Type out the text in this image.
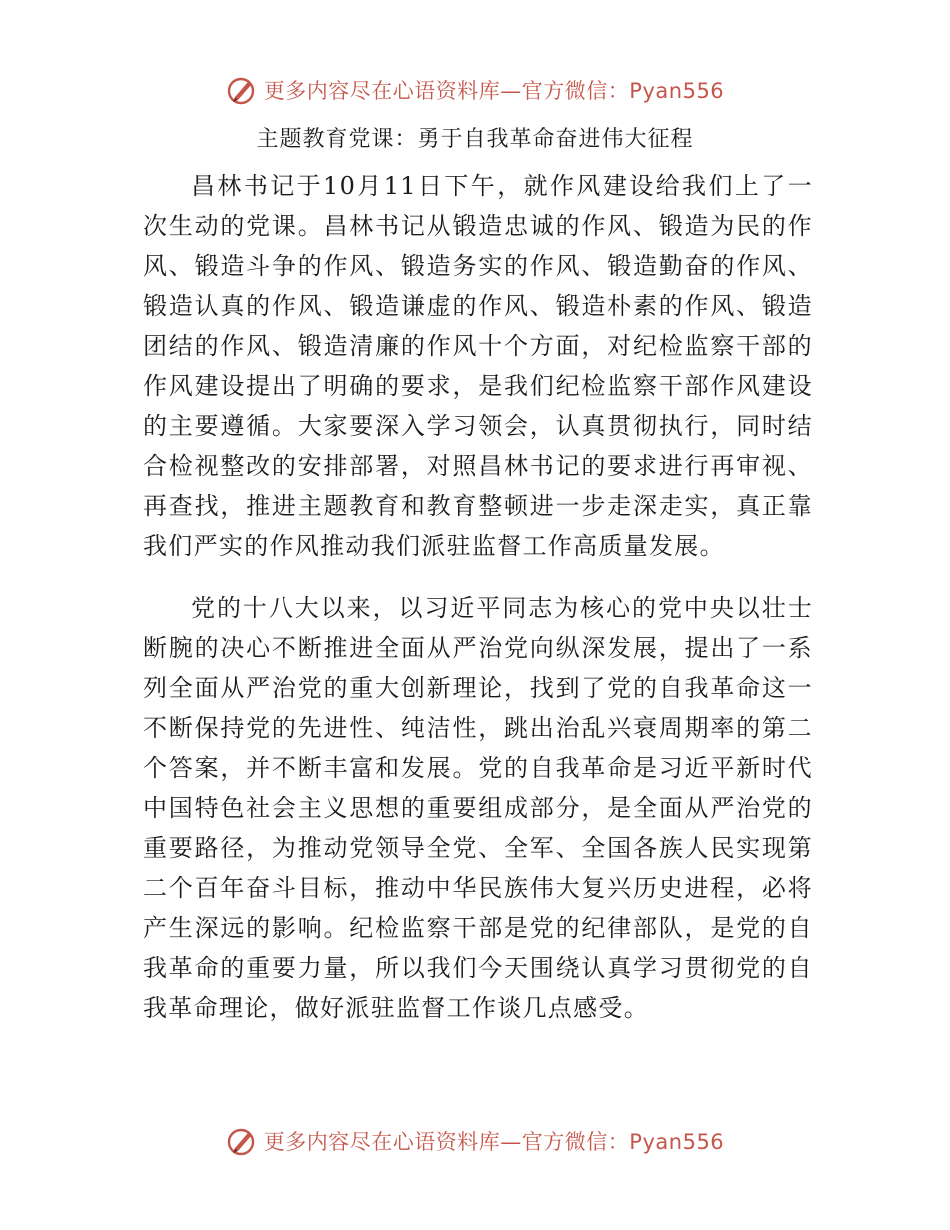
更多内容尽在心语资料库—官方微信：Pyan556
主题教育党课：勇于自我革命奋进伟大征程

昌林书记于10月11日下午，就作风建设给我们上了一次生动的党课。昌林书记从锻造忠诚的作风、锻造为民的作风、锻造斗争的作风、锻造务实的作风、锻造勤奋的作风、锻造认真的作风、锻造谦虚的作风、锻造朴素的作风、锻造团结的作风、锻造清廉的作风十个方面，对纪检监察干部的作风建设提出了明确的要求，是我们纪检监察干部作风建设的主要遵循。大家要深入学习领会，认真贯彻执行，同时结合检视整改的安排部署，对照昌林书记的要求进行再审视、再查找，推进主题教育和教育整顿进一步走深走实，真正靠我们严实的作风推动我们派驻监督工作高质量发展。

党的十八大以来，以习近平同志为核心的党中央以壮士断腕的决心不断推进全面从严治党向纵深发展，提出了一系列全面从严治党的重大创新理论，找到了党的自我革命这一不断保持党的先进性、纯洁性，跳出治乱兴衰周期率的第二个答案，并不断丰富和发展。党的自我革命是习近平新时代中国特色社会主义思想的重要组成部分，是全面从严治党的重要路径，为推动党领导全党、全军、全国各族人民实现第二个百年奋斗目标，推动中华民族伟大复兴历史进程，必将产生深远的影响。纪检监察干部是党的纪律部队，是党的自我革命的重要力量，所以我们今天围绕认真学习贯彻党的自我革命理论，做好派驻监督工作谈几点感受。

更多内容尽在心语资料库—官方微信：Pyan556
